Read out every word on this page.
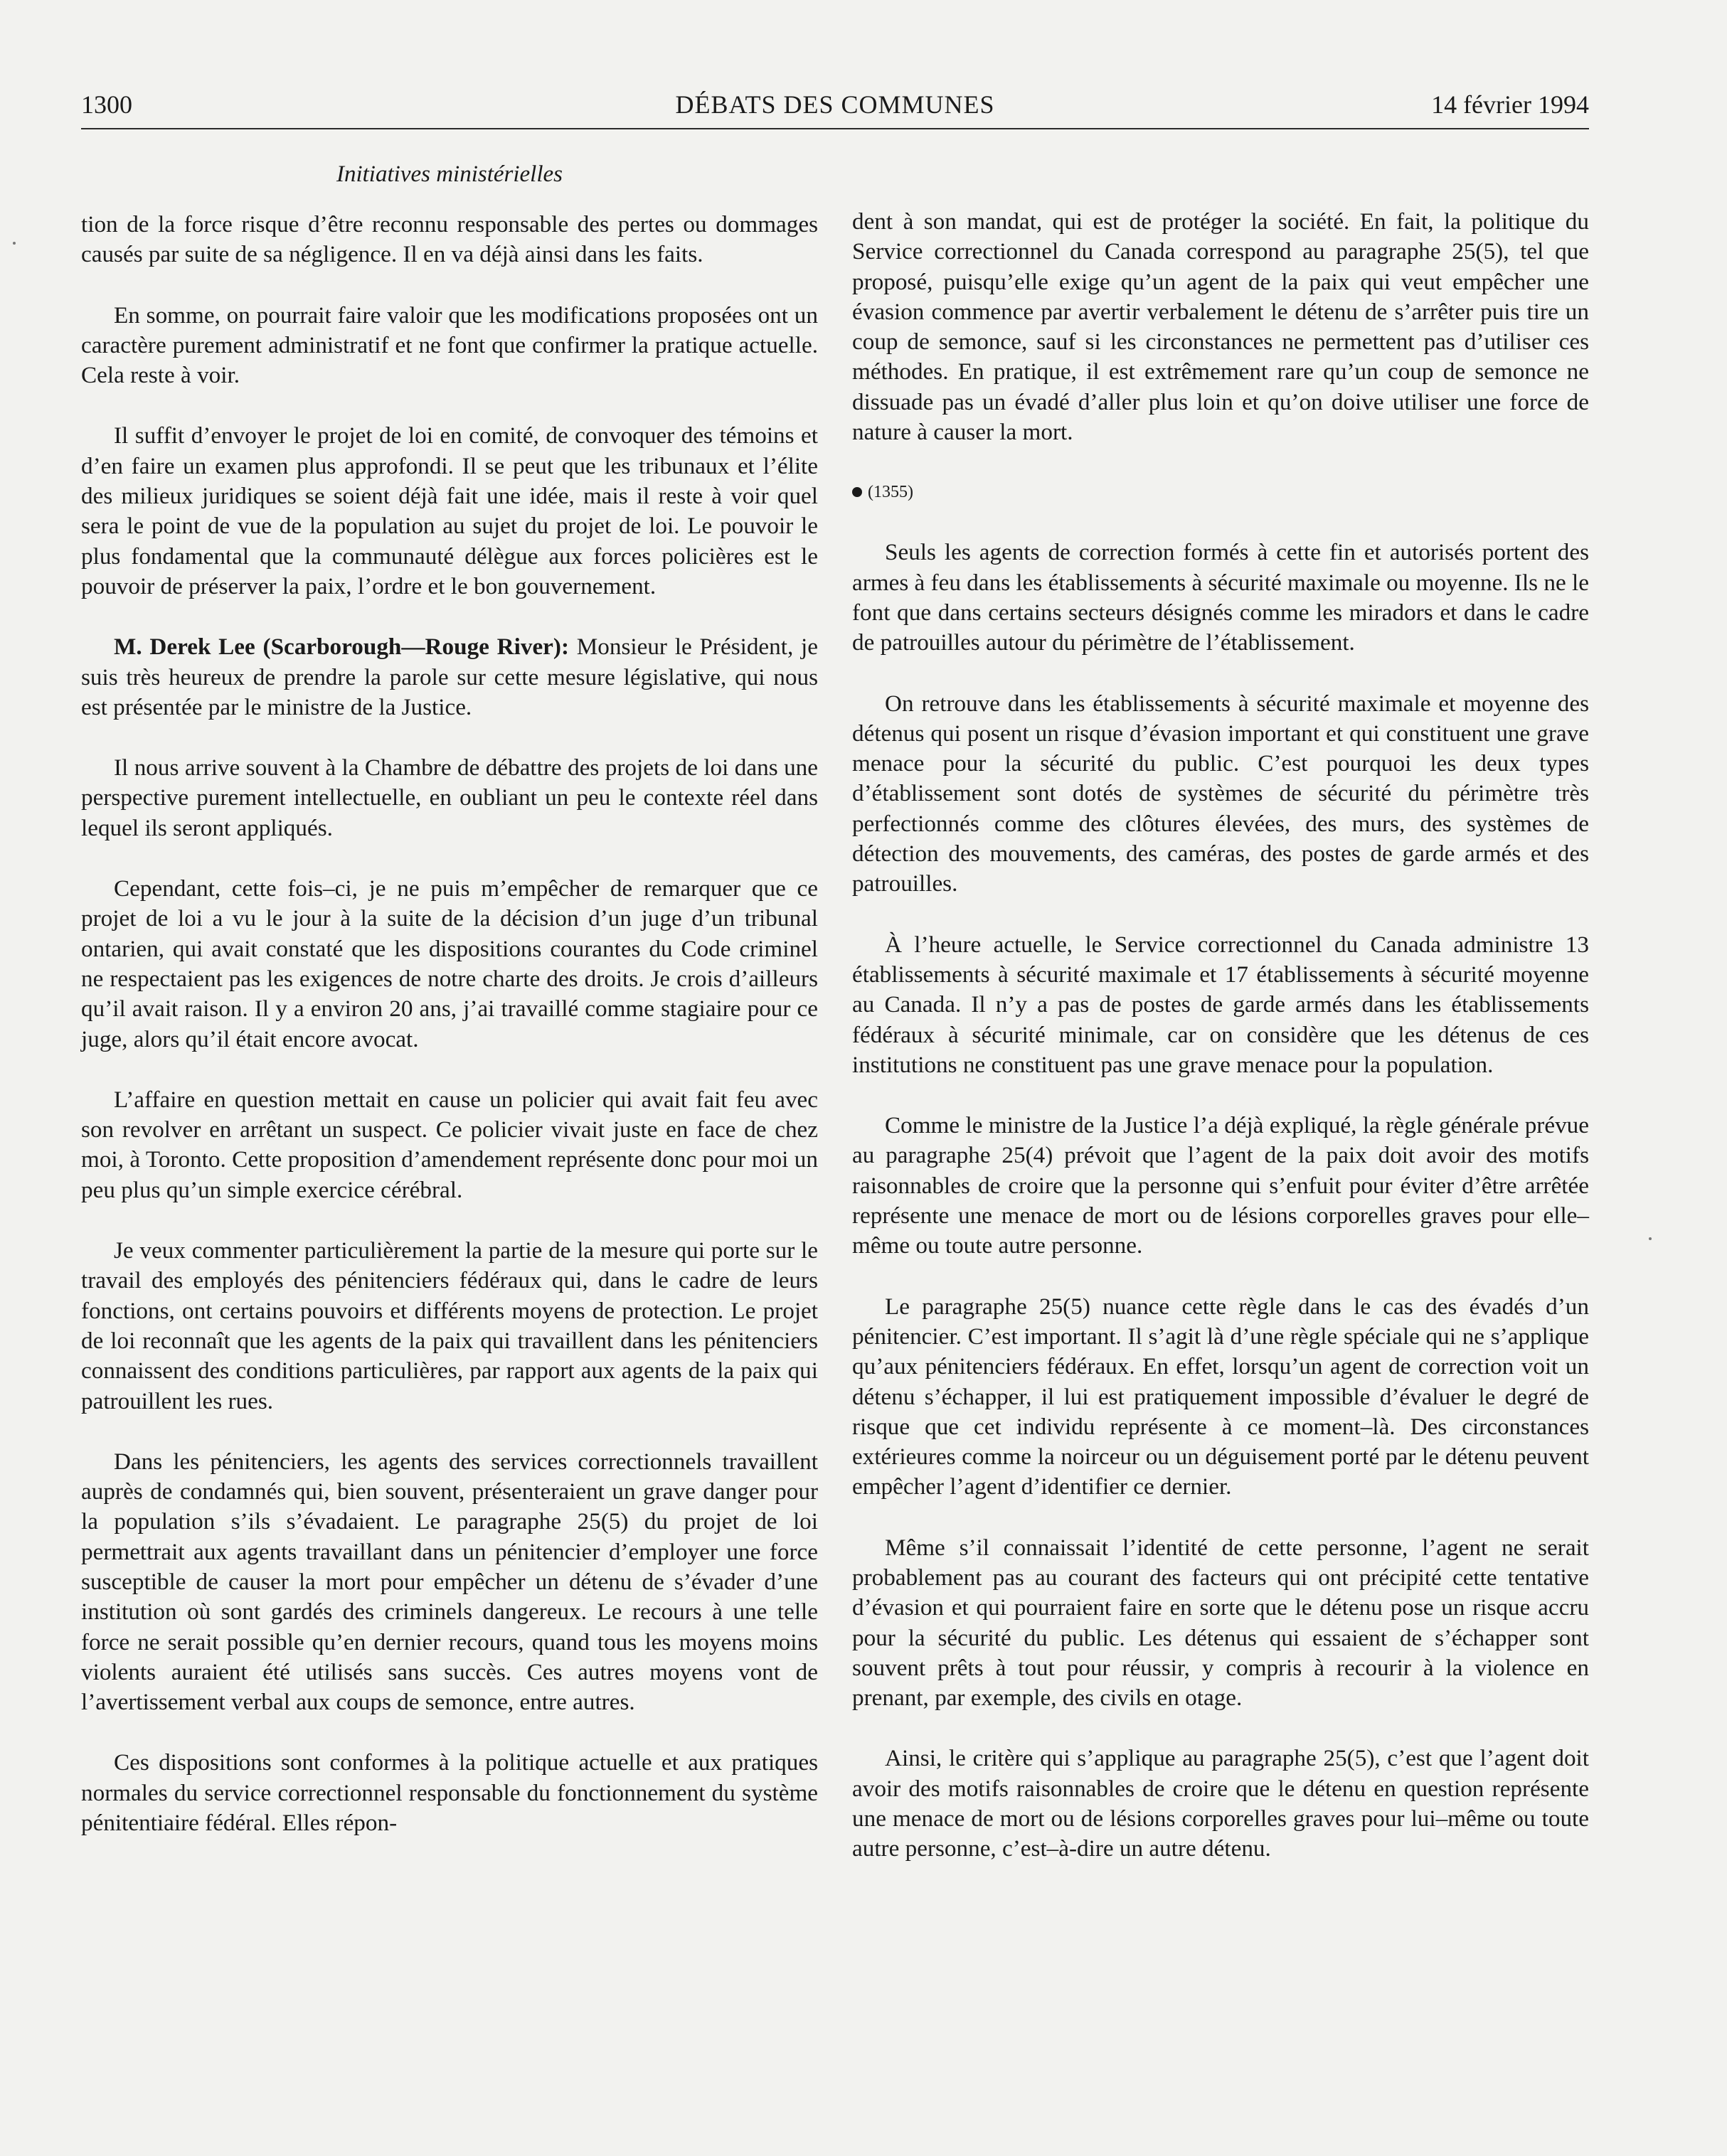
1300	DÉBATS DES COMMUNES	14 février 1994
Initiatives ministérielles

tion de la force risque d’être reconnu responsable des pertes ou dommages causés par suite de sa négligence. Il en va déjà ainsi dans les faits.

En somme, on pourrait faire valoir que les modifications proposées ont un caractère purement administratif et ne font que confirmer la pratique actuelle. Cela reste à voir.

Il suffit d’envoyer le projet de loi en comité, de convoquer des témoins et d’en faire un examen plus approfondi. Il se peut que les tribunaux et l’élite des milieux juridiques se soient déjà fait une idée, mais il reste à voir quel sera le point de vue de la population au sujet du projet de loi. Le pouvoir le plus fondamental que la communauté délègue aux forces policières est le pouvoir de préserver la paix, l’ordre et le bon gouvernement.

M. Derek Lee (Scarborough—Rouge River): Monsieur le Président, je suis très heureux de prendre la parole sur cette mesure législative, qui nous est présentée par le ministre de la Justice.

Il nous arrive souvent à la Chambre de débattre des projets de loi dans une perspective purement intellectuelle, en oubliant un peu le contexte réel dans lequel ils seront appliqués.

Cependant, cette fois–ci, je ne puis m’empêcher de remarquer que ce projet de loi a vu le jour à la suite de la décision d’un juge d’un tribunal ontarien, qui avait constaté que les dispositions courantes du Code criminel ne respectaient pas les exigences de notre charte des droits. Je crois d’ailleurs qu’il avait raison. Il y a environ 20 ans, j’ai travaillé comme stagiaire pour ce juge, alors qu’il était encore avocat.

L’affaire en question mettait en cause un policier qui avait fait feu avec son revolver en arrêtant un suspect. Ce policier vivait juste en face de chez moi, à Toronto. Cette proposition d’amendement représente donc pour moi un peu plus qu’un simple exercice cérébral.

Je veux commenter particulièrement la partie de la mesure qui porte sur le travail des employés des pénitenciers fédéraux qui, dans le cadre de leurs fonctions, ont certains pouvoirs et différents moyens de protection. Le projet de loi reconnaît que les agents de la paix qui travaillent dans les pénitenciers connaissent des conditions particulières, par rapport aux agents de la paix qui patrouillent les rues.

Dans les pénitenciers, les agents des services correctionnels travaillent auprès de condamnés qui, bien souvent, présenteraient un grave danger pour la population s’ils s’évadaient. Le paragraphe 25(5) du projet de loi permettrait aux agents travaillant dans un pénitencier d’employer une force susceptible de causer la mort pour empêcher un détenu de s’évader d’une institution où sont gardés des criminels dangereux. Le recours à une telle force ne serait possible qu’en dernier recours, quand tous les moyens moins violents auraient été utilisés sans succès. Ces autres moyens vont de l’avertissement verbal aux coups de semonce, entre autres.

Ces dispositions sont conformes à la politique actuelle et aux pratiques normales du service correctionnel responsable du fonctionnement du système pénitentiaire fédéral. Elles répon-

dent à son mandat, qui est de protéger la société. En fait, la politique du Service correctionnel du Canada correspond au paragraphe 25(5), tel que proposé, puisqu’elle exige qu’un agent de la paix qui veut empêcher une évasion commence par avertir verbalement le détenu de s’arrêter puis tire un coup de semonce, sauf si les circonstances ne permettent pas d’utiliser ces méthodes. En pratique, il est extrêmement rare qu’un coup de semonce ne dissuade pas un évadé d’aller plus loin et qu’on doive utiliser une force de nature à causer la mort.

(1355)

Seuls les agents de correction formés à cette fin et autorisés portent des armes à feu dans les établissements à sécurité maximale ou moyenne. Ils ne le font que dans certains secteurs désignés comme les miradors et dans le cadre de patrouilles autour du périmètre de l’établissement.

On retrouve dans les établissements à sécurité maximale et moyenne des détenus qui posent un risque d’évasion important et qui constituent une grave menace pour la sécurité du public. C’est pourquoi les deux types d’établissement sont dotés de systèmes de sécurité du périmètre très perfectionnés comme des clôtures élevées, des murs, des systèmes de détection des mouvements, des caméras, des postes de garde armés et des patrouilles.

À l’heure actuelle, le Service correctionnel du Canada administre 13 établissements à sécurité maximale et 17 établissements à sécurité moyenne au Canada. Il n’y a pas de postes de garde armés dans les établissements fédéraux à sécurité minimale, car on considère que les détenus de ces institutions ne constituent pas une grave menace pour la population.

Comme le ministre de la Justice l’a déjà expliqué, la règle générale prévue au paragraphe 25(4) prévoit que l’agent de la paix doit avoir des motifs raisonnables de croire que la personne qui s’enfuit pour éviter d’être arrêtée représente une menace de mort ou de lésions corporelles graves pour elle–même ou toute autre personne.

Le paragraphe 25(5) nuance cette règle dans le cas des évadés d’un pénitencier. C’est important. Il s’agit là d’une règle spéciale qui ne s’applique qu’aux pénitenciers fédéraux. En effet, lorsqu’un agent de correction voit un détenu s’échapper, il lui est pratiquement impossible d’évaluer le degré de risque que cet individu représente à ce moment–là. Des circonstances extérieures comme la noirceur ou un déguisement porté par le détenu peuvent empêcher l’agent d’identifier ce dernier.

Même s’il connaissait l’identité de cette personne, l’agent ne serait probablement pas au courant des facteurs qui ont précipité cette tentative d’évasion et qui pourraient faire en sorte que le détenu pose un risque accru pour la sécurité du public. Les détenus qui essaient de s’échapper sont souvent prêts à tout pour réussir, y compris à recourir à la violence en prenant, par exemple, des civils en otage.

Ainsi, le critère qui s’applique au paragraphe 25(5), c’est que l’agent doit avoir des motifs raisonnables de croire que le détenu en question représente une menace de mort ou de lésions corporelles graves pour lui–même ou toute autre personne, c’est–à-dire un autre détenu.
